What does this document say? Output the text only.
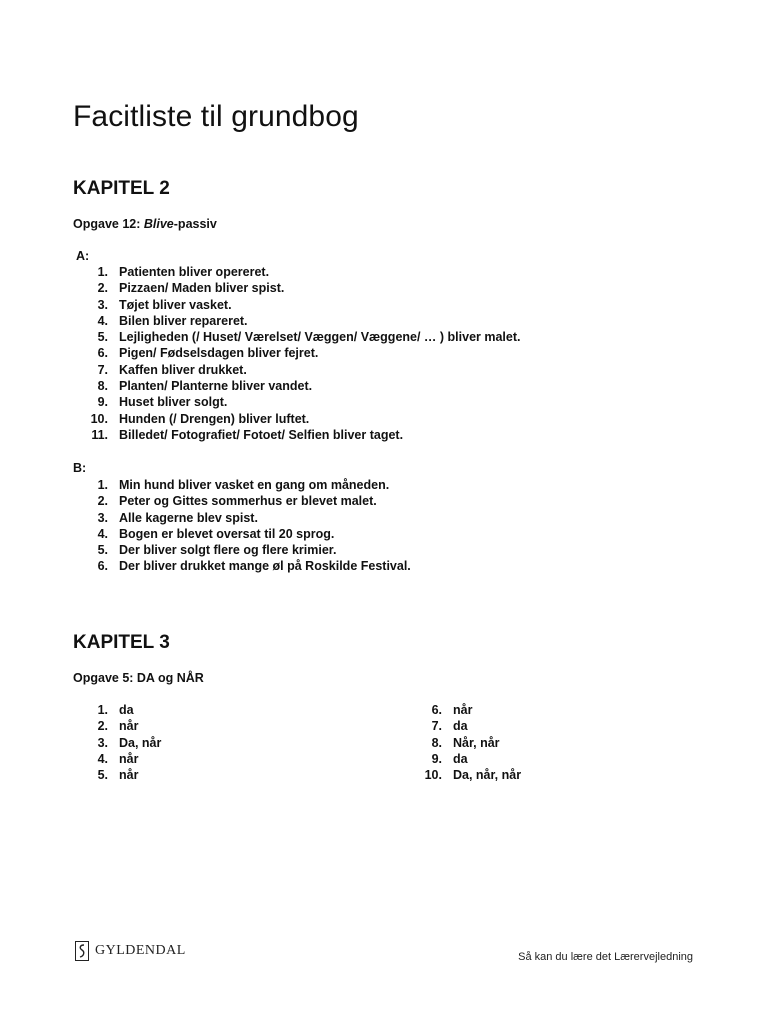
Facitliste til grundbog
KAPITEL 2

Opgave 12: Blive-passiv

A:
1. Patienten bliver opereret.
2. Pizzaen/ Maden bliver spist.
3. Tøjet bliver vasket.
4. Bilen bliver repareret.
5. Lejligheden (/ Huset/ Værelset/ Væggen/ Væggene/ … ) bliver malet.
6. Pigen/ Fødselsdagen bliver fejret.
7. Kaffen bliver drukket.
8. Planten/ Planterne bliver vandet.
9. Huset bliver solgt.
10. Hunden (/ Drengen) bliver luftet.
11. Billedet/ Fotografiet/ Fotoet/ Selfien bliver taget.
B:
1. Min hund bliver vasket en gang om måneden.
2. Peter og Gittes sommerhus er blevet malet.
3. Alle kagerne blev spist.
4. Bogen er blevet oversat til 20 sprog.
5. Der bliver solgt flere og flere krimier.
6. Der bliver drukket mange øl på Roskilde Festival.
KAPITEL 3

Opgave 5: DA og NÅR

1. da
2. når
3. Da, når
4. når
5. når
6. når
7. da
8. Når, når
9. da
10. Da, når, når
GYLDENDAL	Så kan du lære det Lærervejledning
